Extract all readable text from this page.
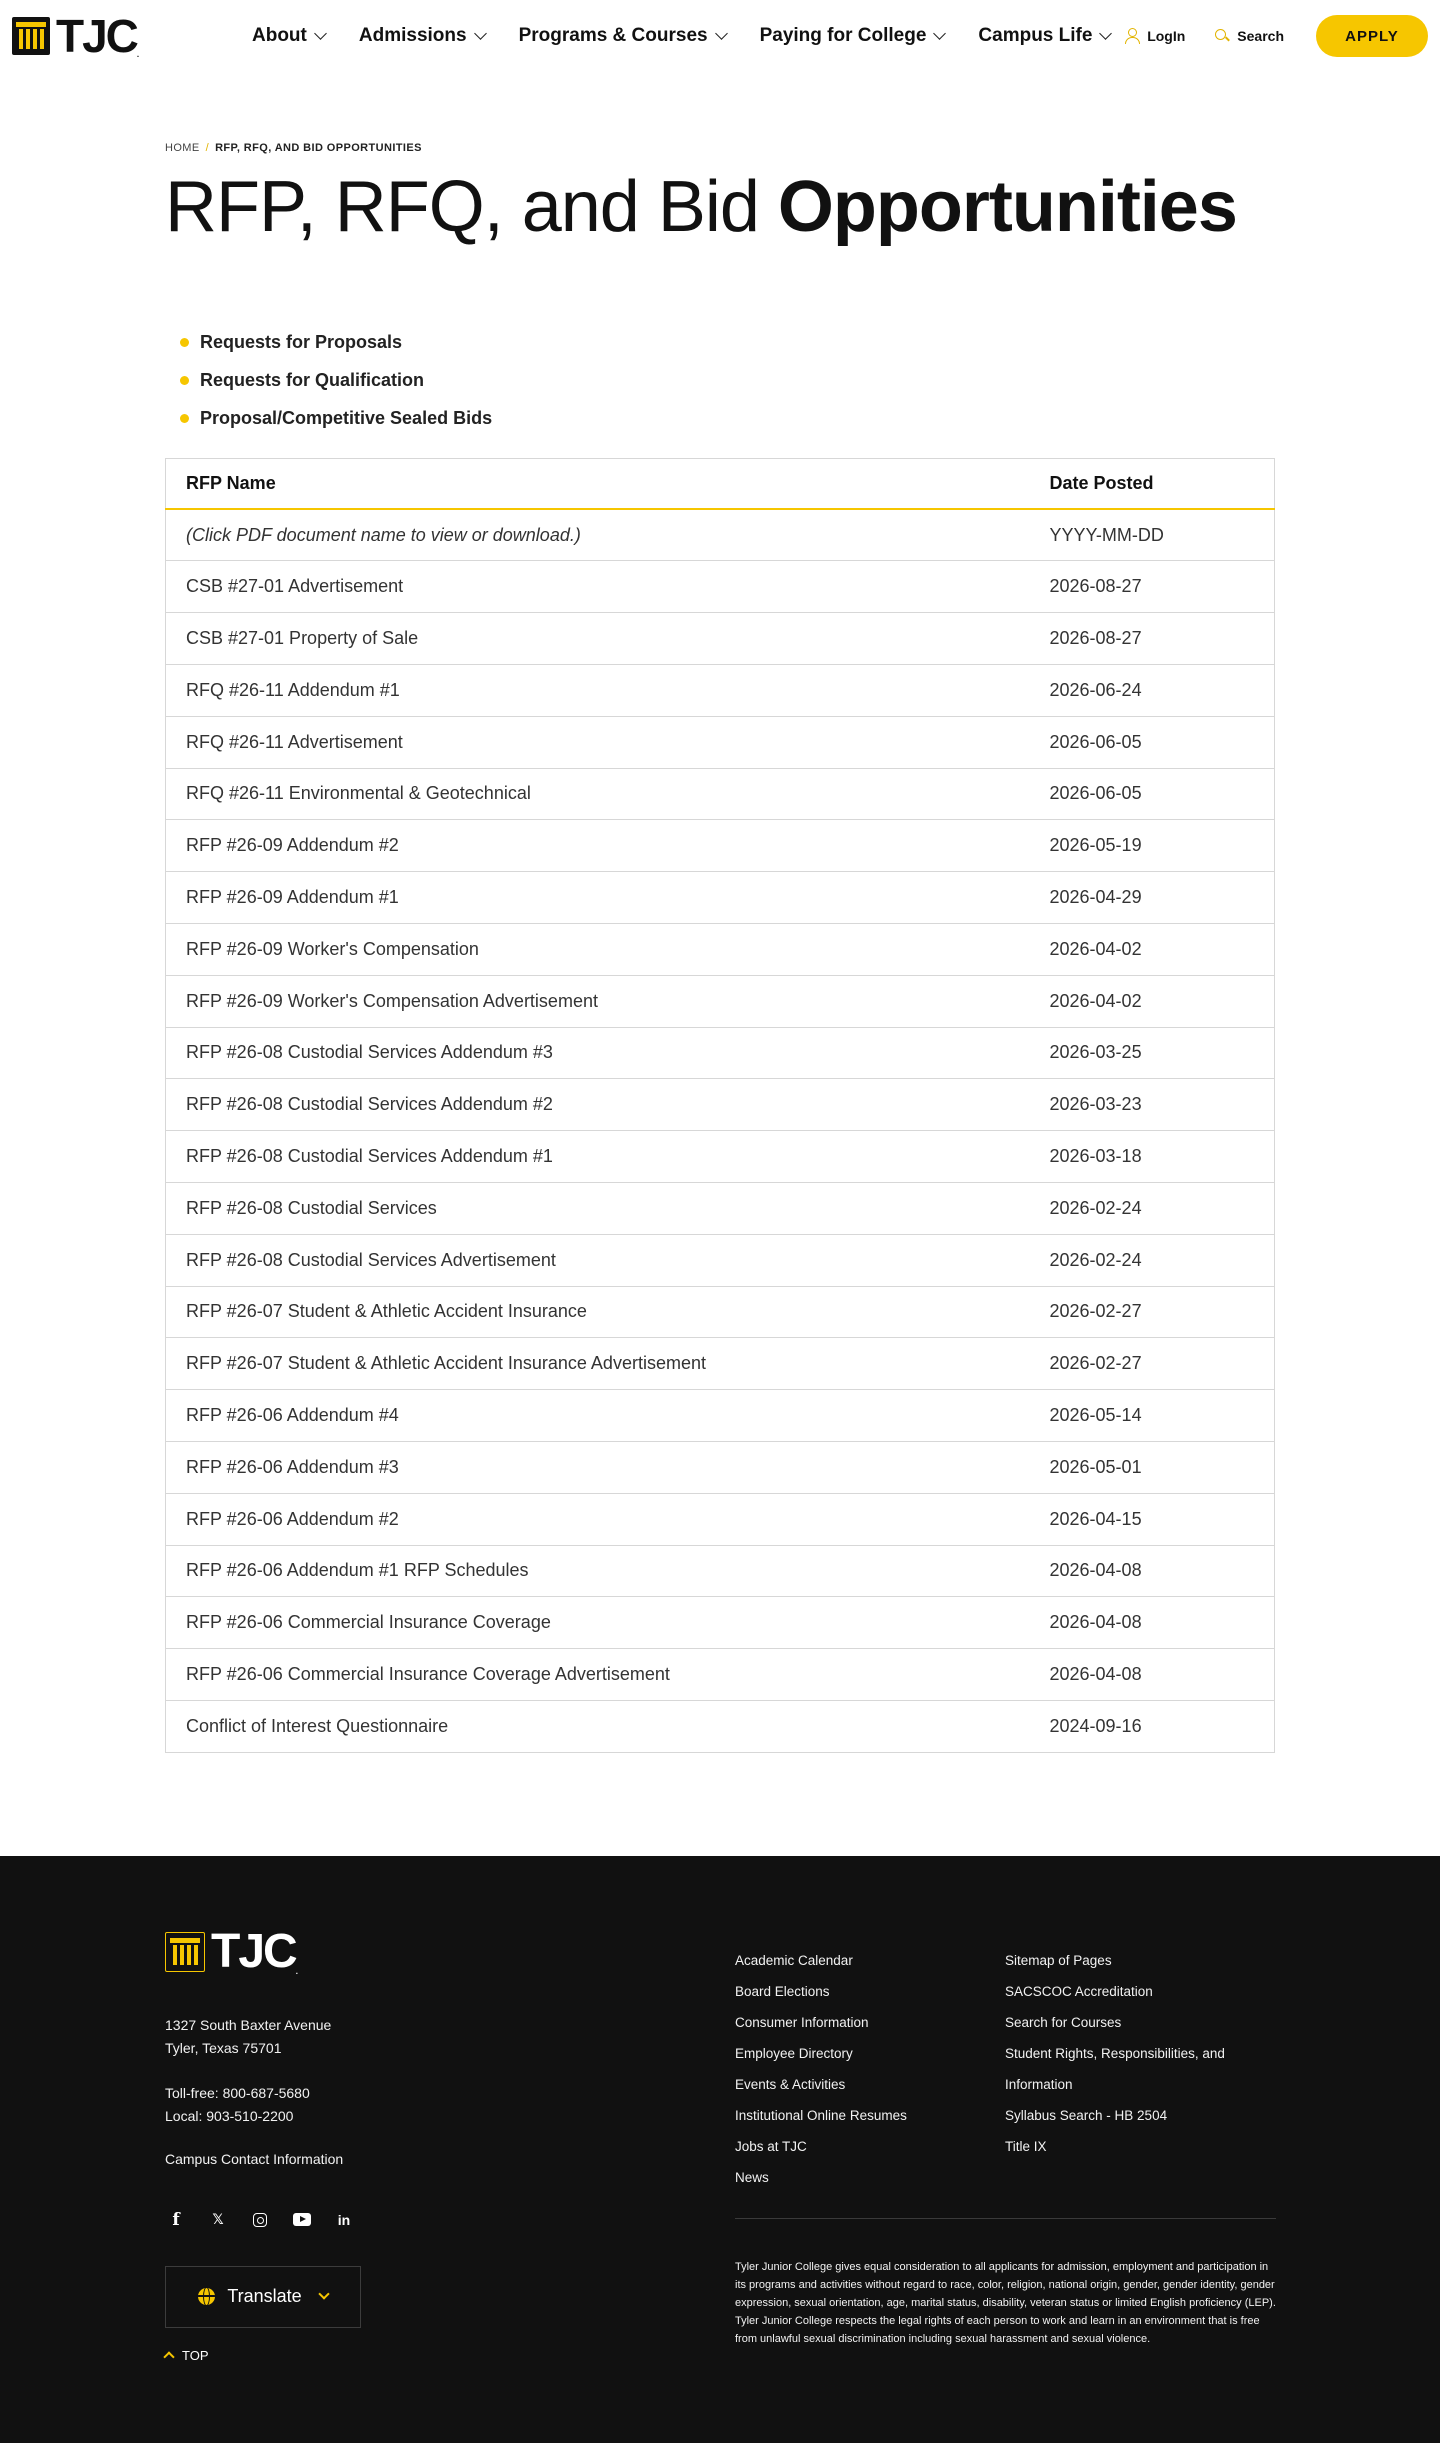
TJC.
About	Admissions	Programs & Courses	Paying for College	Campus Life	LogIn	Search	APPLY
HOME / RFP, RFQ, AND BID OPPORTUNITIES
RFP, RFQ, and Bid Opportunities
Requests for Proposals
Requests for Qualification
Proposal/Competitive Sealed Bids
RFP Name	Date Posted
(Click PDF document name to view or download.)	YYYY-MM-DD
CSB #27-01 Advertisement	2026-08-27
CSB #27-01 Property of Sale	2026-08-27
RFQ #26-11 Addendum #1	2026-06-24
RFQ #26-11 Advertisement	2026-06-05
RFQ #26-11 Environmental & Geotechnical	2026-06-05
RFP #26-09 Addendum #2	2026-05-19
RFP #26-09 Addendum #1	2026-04-29
RFP #26-09 Worker's Compensation	2026-04-02
RFP #26-09 Worker's Compensation Advertisement	2026-04-02
RFP #26-08 Custodial Services Addendum #3	2026-03-25
RFP #26-08 Custodial Services Addendum #2	2026-03-23
RFP #26-08 Custodial Services Addendum #1	2026-03-18
RFP #26-08 Custodial Services	2026-02-24
RFP #26-08 Custodial Services Advertisement	2026-02-24
RFP #26-07 Student & Athletic Accident Insurance	2026-02-27
RFP #26-07 Student & Athletic Accident Insurance Advertisement	2026-02-27
RFP #26-06 Addendum #4	2026-05-14
RFP #26-06 Addendum #3	2026-05-01
RFP #26-06 Addendum #2	2026-04-15
RFP #26-06 Addendum #1 RFP Schedules	2026-04-08
RFP #26-06 Commercial Insurance Coverage	2026-04-08
RFP #26-06 Commercial Insurance Coverage Advertisement	2026-04-08
Conflict of Interest Questionnaire	2024-09-16
TJC.
1327 South Baxter Avenue
Tyler, Texas 75701
Toll-free: 800-687-5680
Local: 903-510-2200
Campus Contact Information
f	𝕏	in
Translate
TOP
Academic Calendar
Board Elections
Consumer Information
Employee Directory
Events & Activities
Institutional Online Resumes
Jobs at TJC
News
Sitemap of Pages
SACSCOC Accreditation
Search for Courses
Student Rights, Responsibilities, and Information
Syllabus Search - HB 2504
Title IX

Tyler Junior College gives equal consideration to all applicants for admission, employment and participation in its programs and activities without regard to race, color, religion, national origin, gender, gender identity, gender expression, sexual orientation, age, marital status, disability, veteran status or limited English proficiency (LEP). Tyler Junior College respects the legal rights of each person to work and learn in an environment that is free from unlawful sexual discrimination including sexual harassment and sexual violence.
